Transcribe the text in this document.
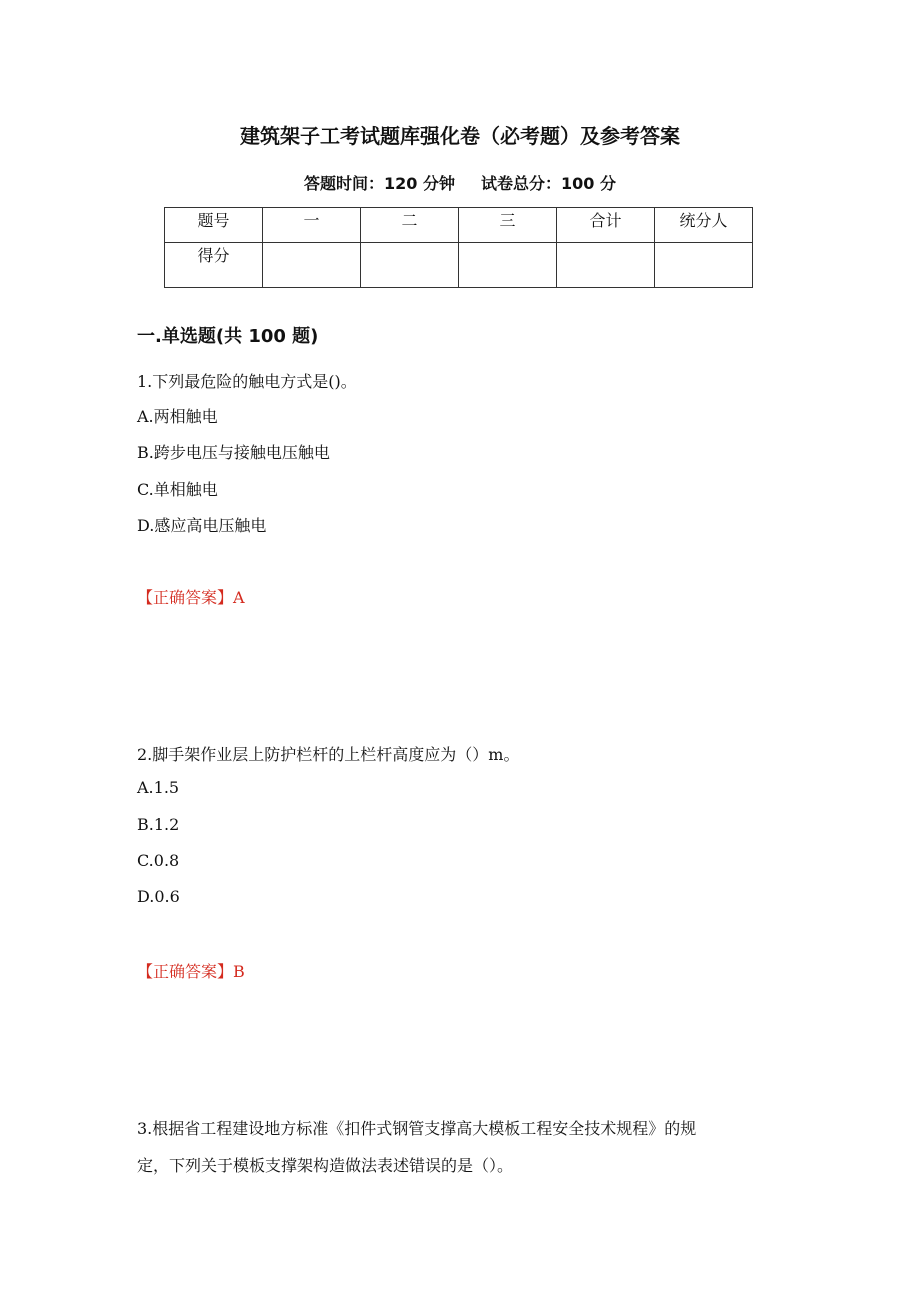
建筑架子工考试题库强化卷（必考题）及参考答案
答题时间：120 分钟 试卷总分：100 分
题号	一	二	三	合计	统分人
得分					
一.单选题(共 100 题)
1.下列最危险的触电方式是()。
A.两相触电
B.跨步电压与接触电压触电
C.单相触电
D.感应高电压触电
【正确答案】A
2.脚手架作业层上防护栏杆的上栏杆高度应为（）m。
A.1.5
B.1.2
C.0.8
D.0.6
【正确答案】B
3.根据省工程建设地方标准《扣件式钢管支撑高大模板工程安全技术规程》的规
定，下列关于模板支撑架构造做法表述错误的是（）。
